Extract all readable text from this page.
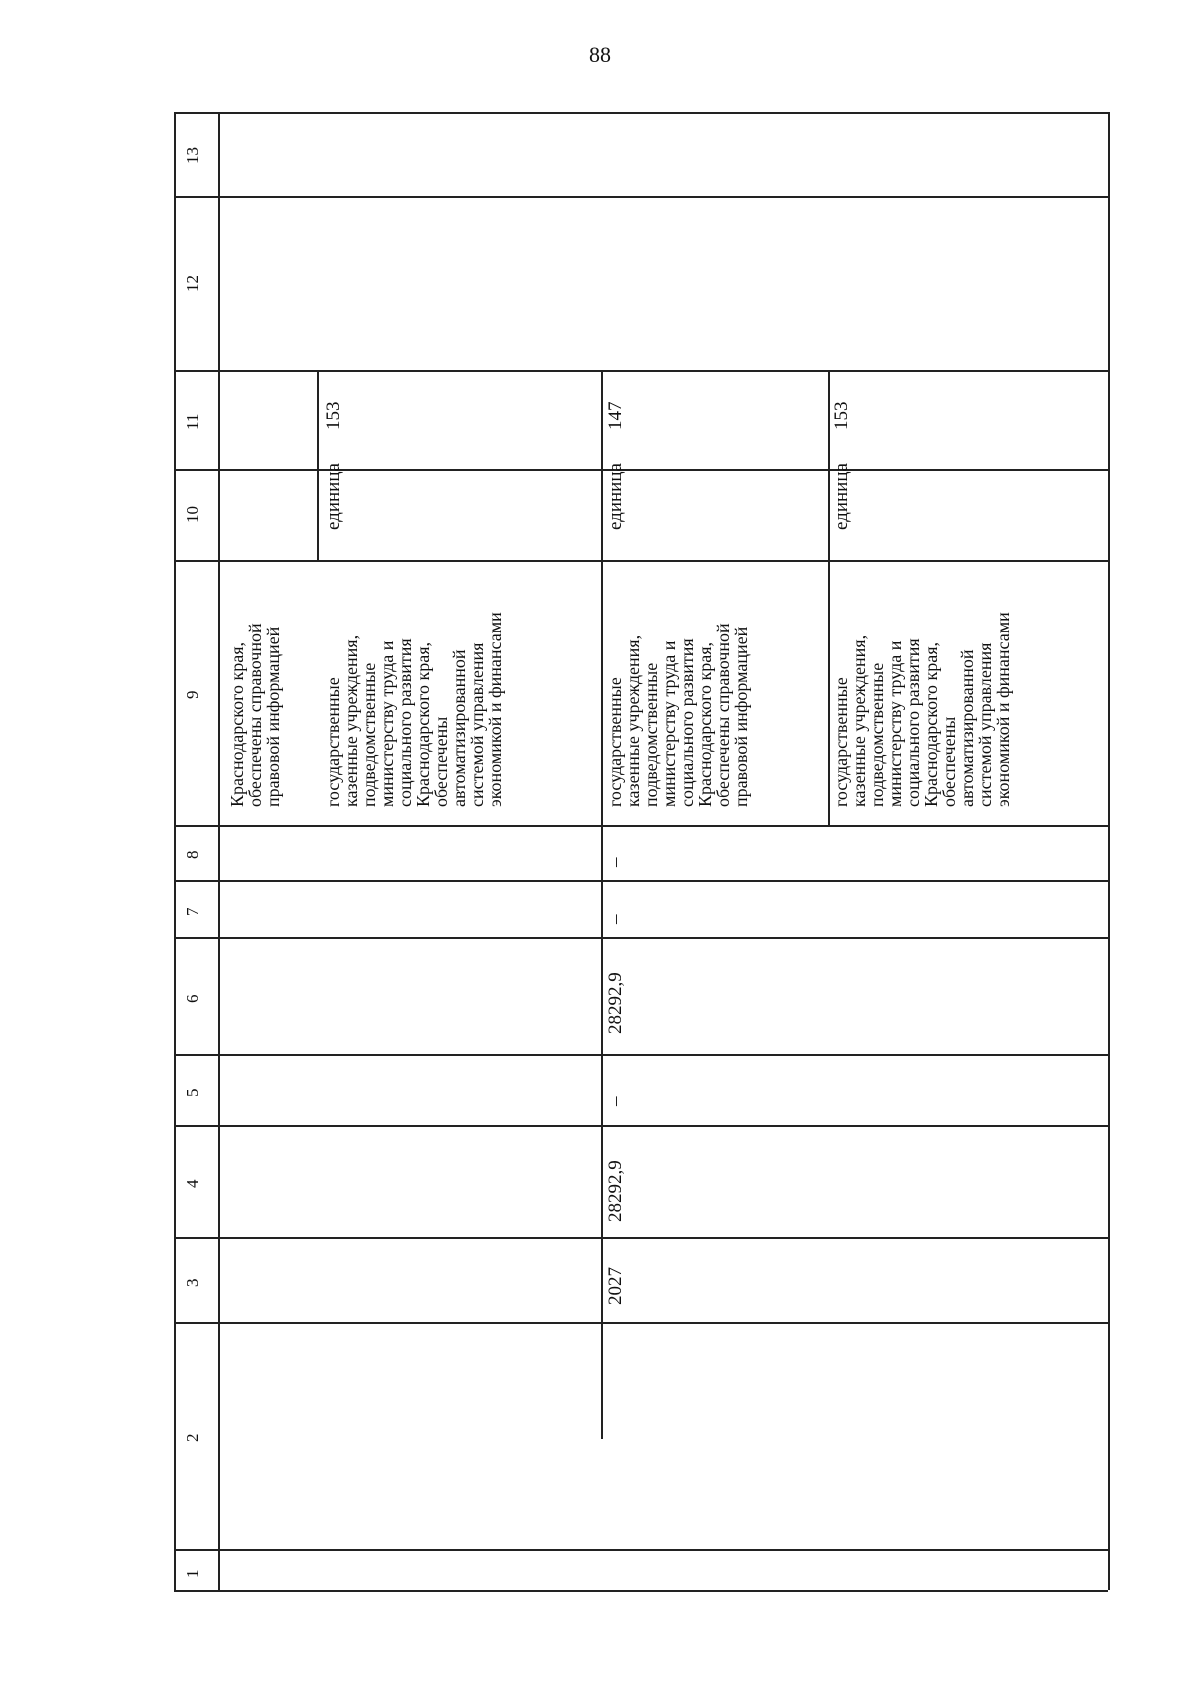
88
13
12
11
10
9
8
7
6
5
4
3
2
1
Краснодарского края,
обеспечены справочной
правовой информацией государственные
казенные учреждения,
подведомственные
министерству труда и
социального развития
Краснодарского края,
обеспечены
автоматизированной
системой управления
экономикой и финансами
единица
153
2027
28292,9
–
28292,9
–
–
государственные
казенные учреждения,
подведомственные
министерству труда и
социального развития
Краснодарского края,
обеспечены справочной
правовой информацией
единица
147
государственные
казенные учреждения,
подведомственные
министерству труда и
социального развития
Краснодарского края,
обеспечены
автоматизированной
системой управления
экономикой и финансами
единица
153
